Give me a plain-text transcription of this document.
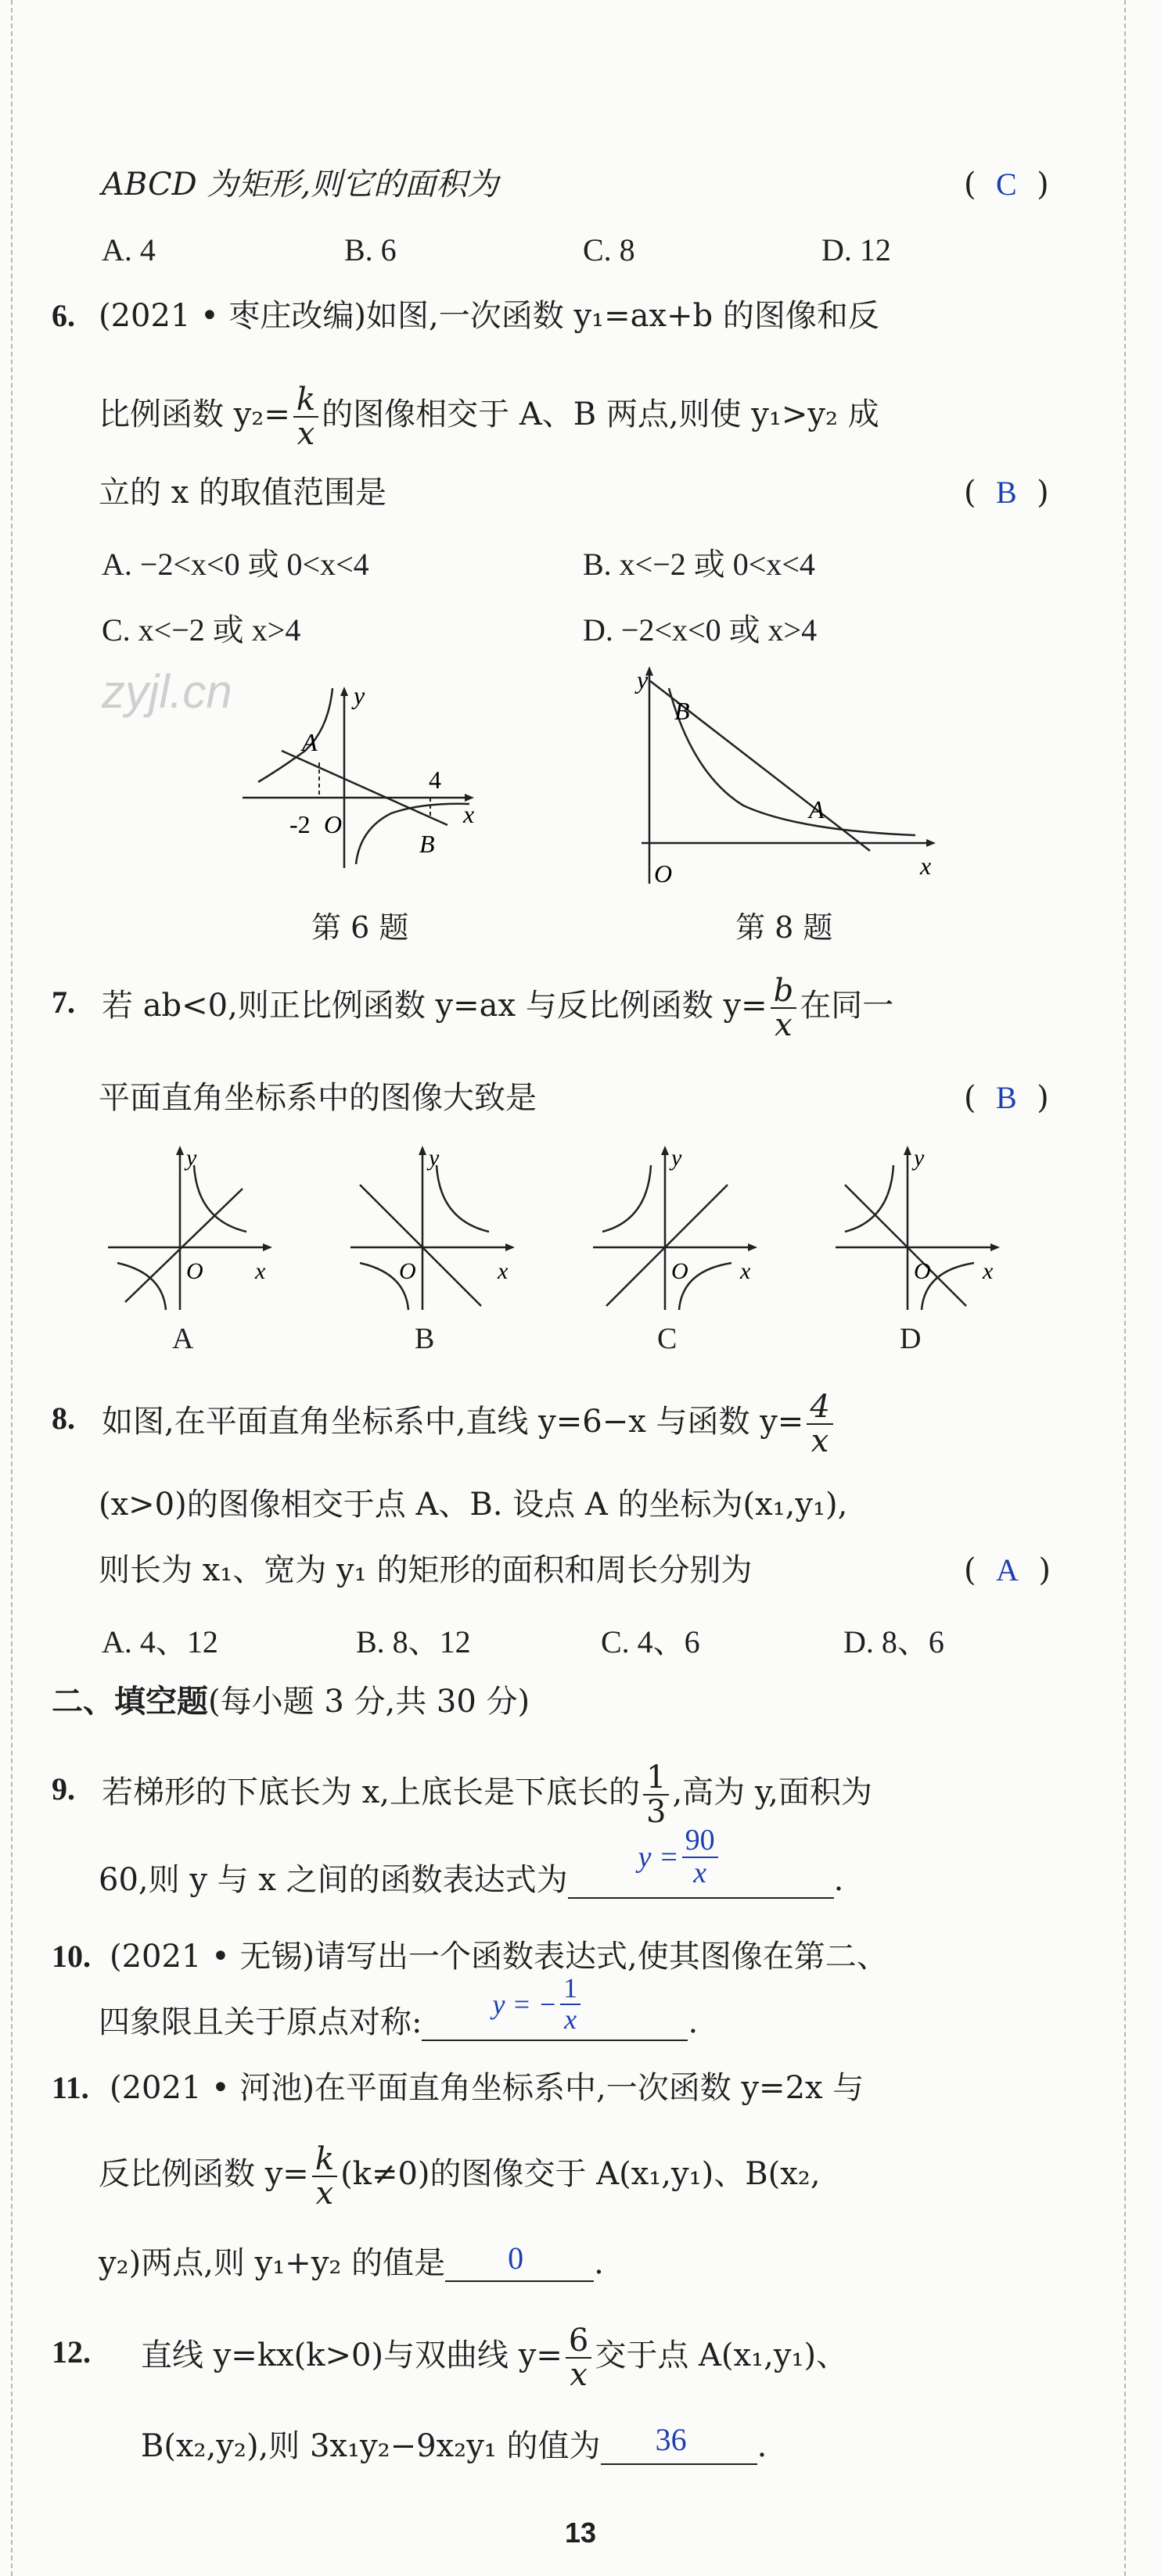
ABCD 为矩形,则它的面积为	(  C  )
A. 4	B. 6	C. 8	D. 12
6. (2021 • 枣庄改编)如图,一次函数 y₁=ax+b 的图像和反
比例函数 $y_2= \frac{k}{x}$ 的图像相交于 A、B 两点,则使 y₁>y₂ 成
立的 x 的取值范围是	(  B  )
A. −2<x<0 或 0<x<4	B. x<−2 或 0<x<4
C. x<−2 或 x>4	D. −2<x<0 或 x>4
zyjl.cn	y
A
-2 O
4
x
B
第 6 题
y
B
A
O	x
第 8 题
7. 若 ab<0,则正比例函数 y=ax 与反比例函数 $y= \frac{b}{x}$ 在同一
平面直角坐标系中的图像大致是	(  B  )
y
O x
A
y
O	x
B
y
O x
C
y
O x
D
8. 如图,在平面直角坐标系中,直线 y=6−x 与函数 $y= \frac{4}{x}$
(x>0)的图像相交于点 A、B. 设点 A 的坐标为(x₁,y₁),
则长为 x₁、宽为 y₁ 的矩形的面积和周长分别为	(  A  )
A. 4、12	B. 8、12	C. 4、6	D. 8、6
二、填空题(每小题 3 分,共 30 分)
9. 若梯形的下底长为 x,上底长是下底长的 $\frac{1}{3}$ ,高为 y,面积为
60,则 y 与 x 之间的函数表达式为
$y = \frac{90}{x}$	.
10. (2021 • 无锡)请写出一个函数表达式,使其图像在第二、
四象限且关于原点对称:
y = − $\frac{1}{x}$	.
11. (2021 • 河池)在平面直角坐标系中,一次函数 y=2x 与
反比例函数 $y= \frac{k}{x} (k\ne 0)$的图像交于 A(x₁,y₁)、B(x₂,
y₂)两点,则 y₁+y₂ 的值是 0 .
12. 直线 y=kx(k>0)与双曲线 $y= \frac{6}{x}$ 交于点 A(x₁,y₁)、
B(x₂,y₂),则 3x₁y₂−9x₂y₁ 的值为 36 .
13
